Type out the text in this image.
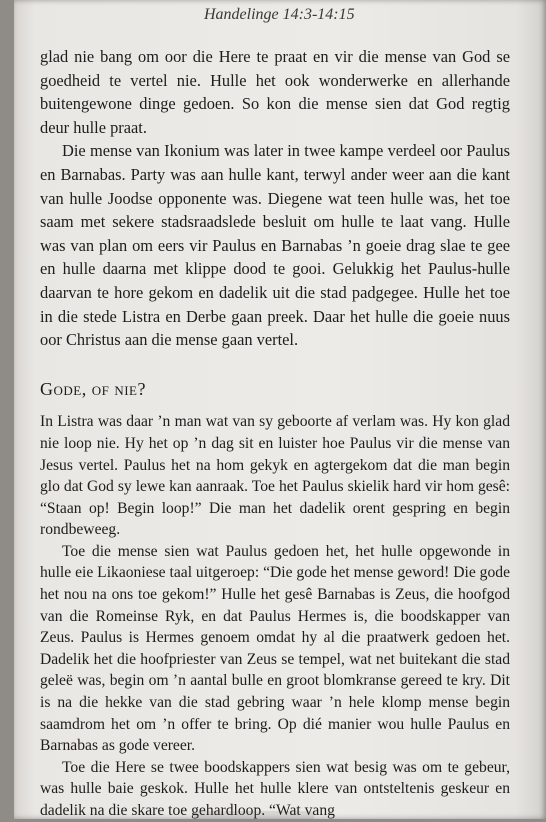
Handelinge 14:3-14:15

glad nie bang om oor die Here te praat en vir die mense van God se goedheid te vertel nie. Hulle het ook wonderwerke en allerhande buitengewone dinge gedoen. So kon die mense sien dat God regtig deur hulle praat.

Die mense van Ikonium was later in twee kampe verdeel oor Paulus en Barnabas. Party was aan hulle kant, terwyl ander weer aan die kant van hulle Joodse opponente was. Diegene wat teen hulle was, het toe saam met sekere stadsraadslede besluit om hulle te laat vang. Hulle was van plan om eers vir Paulus en Barnabas ’n goeie drag slae te gee en hulle daarna met klippe dood te gooi. Gelukkig het Paulus-hulle daarvan te hore gekom en dadelik uit die stad padgegee. Hulle het toe in die stede Listra en Derbe gaan preek. Daar het hulle die goeie nuus oor Christus aan die mense gaan vertel.

Gode, of nie?

In Listra was daar ’n man wat van sy geboorte af verlam was. Hy kon glad nie loop nie. Hy het op ’n dag sit en luister hoe Paulus vir die mense van Jesus vertel. Paulus het na hom gekyk en agtergekom dat die man begin glo dat God sy lewe kan aanraak. Toe het Paulus skielik hard vir hom gesê: “Staan op! Begin loop!” Die man het dadelik orent gespring en begin rondbeweeg.

Toe die mense sien wat Paulus gedoen het, het hulle opgewonde in hulle eie Likaoniese taal uitgeroep: “Die gode het mense geword! Die gode het nou na ons toe gekom!” Hulle het gesê Barnabas is Zeus, die hoofgod van die Romeinse Ryk, en dat Paulus Hermes is, die boodskapper van Zeus. Paulus is Hermes genoem omdat hy al die praatwerk gedoen het. Dadelik het die hoofpriester van Zeus se tempel, wat net buitekant die stad geleë was, begin om ’n aantal bulle en groot blomkranse gereed te kry. Dit is na die hekke van die stad gebring waar ’n hele klomp mense begin saamdrom het om ’n offer te bring. Op dié manier wou hulle Paulus en Barnabas as gode vereer.

Toe die Here se twee boodskappers sien wat besig was om te gebeur, was hulle baie geskok. Hulle het hulle klere van ontsteltenis geskeur en dadelik na die skare toe gehardloop. “Wat vang
